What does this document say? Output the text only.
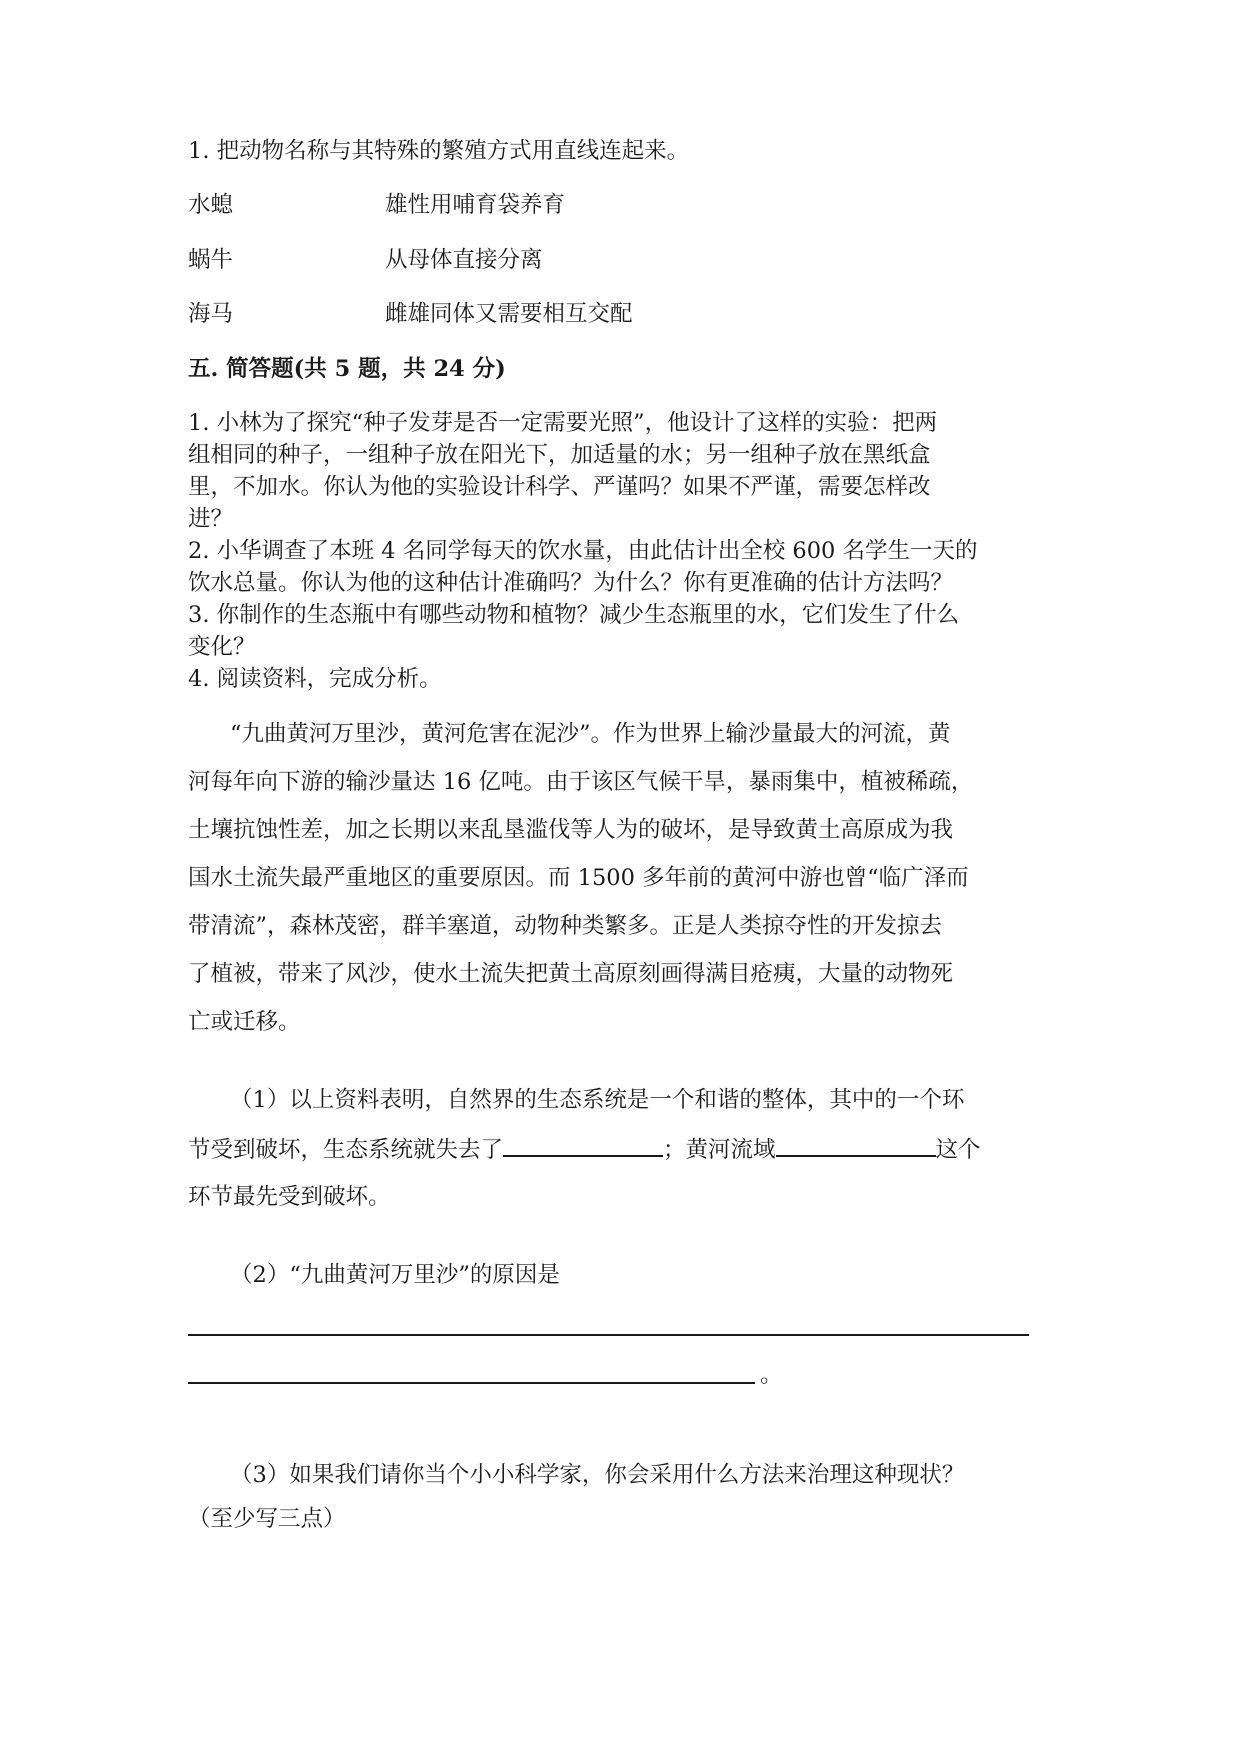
1. 把动物名称与其特殊的繁殖方式用直线连起来。
水螅	雄性用哺育袋养育
蜗牛	从母体直接分离
海马	雌雄同体又需要相互交配
五. 简答题(共 5 题，共 24 分)
1. 小林为了探究“种子发芽是否一定需要光照”，他设计了这样的实验：把两
组相同的种子，一组种子放在阳光下，加适量的水；另一组种子放在黑纸盒
里，不加水。你认为他的实验设计科学、严谨吗？如果不严谨，需要怎样改
进？
2. 小华调查了本班 4 名同学每天的饮水量，由此估计出全校 600 名学生一天的
饮水总量。你认为他的这种估计准确吗？为什么？你有更准确的估计方法吗？
3. 你制作的生态瓶中有哪些动物和植物？减少生态瓶里的水，它们发生了什么
变化？
4. 阅读资料，完成分析。
“九曲黄河万里沙，黄河危害在泥沙”。作为世界上输沙量最大的河流，黄
河每年向下游的输沙量达 16 亿吨。由于该区气候干旱，暴雨集中，植被稀疏，
土壤抗蚀性差，加之长期以来乱垦滥伐等人为的破坏，是导致黄土高原成为我
国水土流失最严重地区的重要原因。而 1500 多年前的黄河中游也曾“临广泽而
带清流”，森林茂密，群羊塞道，动物种类繁多。正是人类掠夺性的开发掠去
了植被，带来了风沙，使水土流失把黄土高原刻画得满目疮痍，大量的动物死
亡或迁移。
（1）以上资料表明，自然界的生态系统是一个和谐的整体，其中的一个环
节受到破坏，生态系统就失去了	；黄河流域	这个
环节最先受到破坏。
（2）“九曲黄河万里沙”的原因是
。
（3）如果我们请你当个小小科学家，你会采用什么方法来治理这种现状？
（至少写三点）
